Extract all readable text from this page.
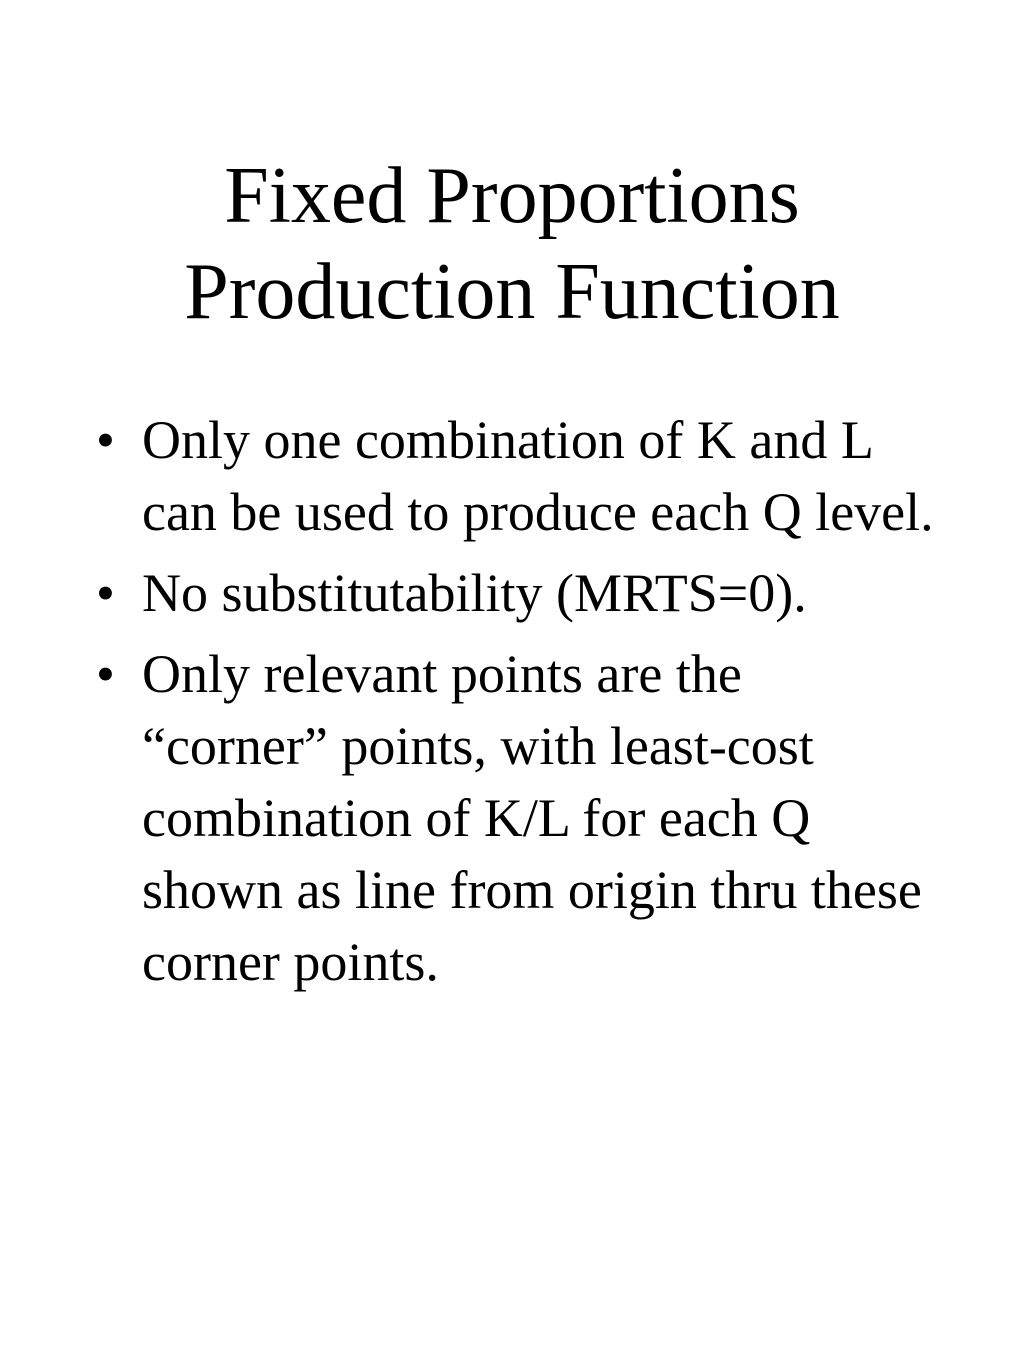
Fixed Proportions
Production Function
• Only one combination of K and L can be used to produce each Q level.
• No substitutability (MRTS=0).
• Only relevant points are the “corner” points, with least-cost combination of K/L for each Q shown as line from origin thru these corner points.
